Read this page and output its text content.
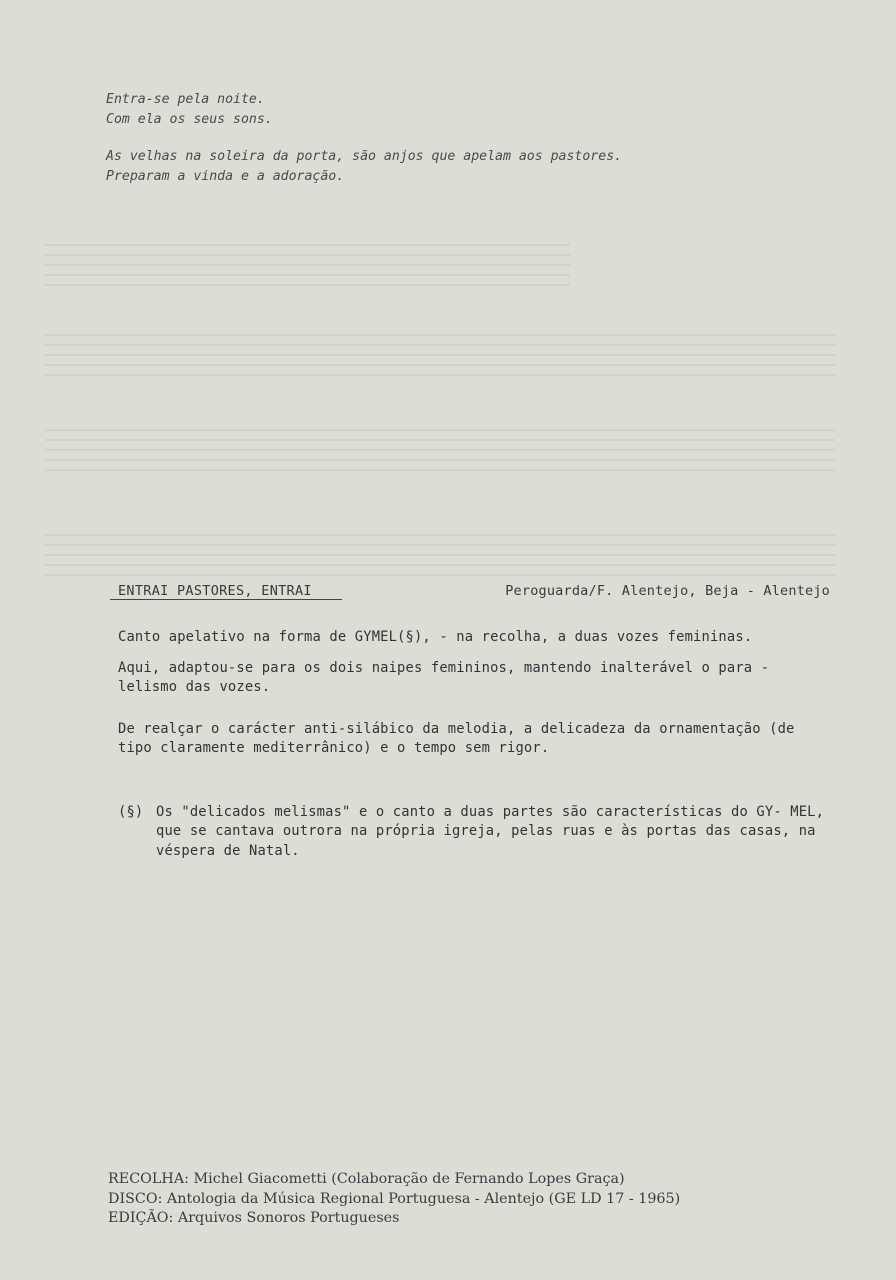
Entra-se pela noite.

Com ela os seus sons.

As velhas na soleira da porta, são anjos que apelam aos pastores.

Preparam a vinda e a adoração.

ENTRAI PASTORES, ENTRAI	Peroguarda/F. Alentejo, Beja - Alentejo

Canto apelativo na forma de GYMEL(§), - na recolha, a duas vozes femininas.

Aqui, adaptou-se para os dois naipes femininos, mantendo inalterável o para - lelismo das vozes.

De realçar o carácter anti-silábico da melodia, a delicadeza da ornamentação (de tipo claramente mediterrânico) e o tempo sem rigor.

(§) Os "delicados melismas" e o canto a duas partes são características do GY- MEL, que se cantava outrora na própria igreja, pelas ruas e às portas das casas, na véspera de Natal.

RECOLHA: Michel Giacometti (Colaboração de Fernando Lopes Graça)

DISCO: Antologia da Música Regional Portuguesa - Alentejo (GE LD 17 - 1965)

EDIÇÃO: Arquivos Sonoros Portugueses
